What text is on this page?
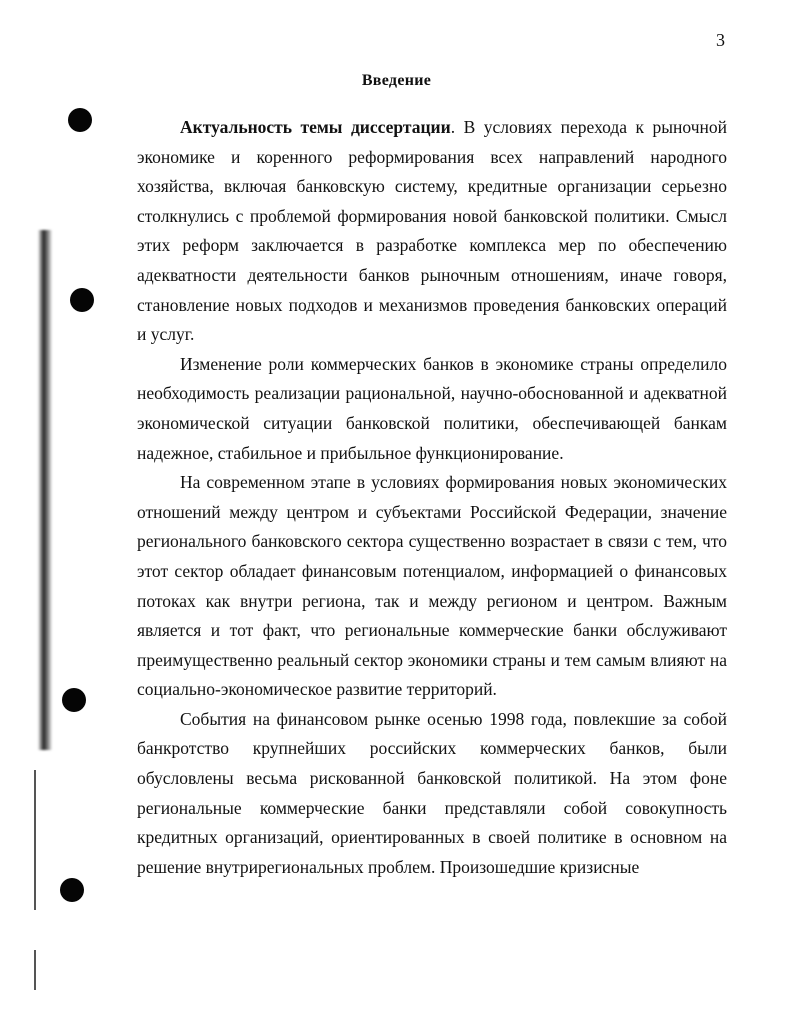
3
Введение

Актуальность темы диссертации. В условиях перехода к рыночной экономике и коренного реформирования всех направлений народного хозяйства, включая банковскую систему, кредитные организации серьезно столкнулись с проблемой формирования новой банковской политики. Смысл этих реформ заключается в разработке комплекса мер по обеспечению адекватности деятельности банков рыночным отношениям, иначе говоря, становление новых подходов и механизмов проведения банковских операций и услуг.

Изменение роли коммерческих банков в экономике страны определило необходимость реализации рациональной, научно-обоснованной и адекватной экономической ситуации банковской политики, обеспечивающей банкам надежное, стабильное и прибыльное функционирование.

На современном этапе в условиях формирования новых экономических отношений между центром и субъектами Российской Федерации, значение регионального банковского сектора существенно возрастает в связи с тем, что этот сектор обладает финансовым потенциалом, информацией о финансовых потоках как внутри региона, так и между регионом и центром. Важным является и тот факт, что региональные коммерческие банки обслуживают преимущественно реальный сектор экономики страны и тем самым влияют на социально-экономическое развитие территорий.

События на финансовом рынке осенью 1998 года, повлекшие за собой банкротство крупнейших российских коммерческих банков, были обусловлены весьма рискованной банковской политикой. На этом фоне региональные коммерческие банки представляли собой совокупность кредитных организаций, ориентированных в своей политике в основном на решение внутрирегиональных проблем. Произошедшие кризисные
